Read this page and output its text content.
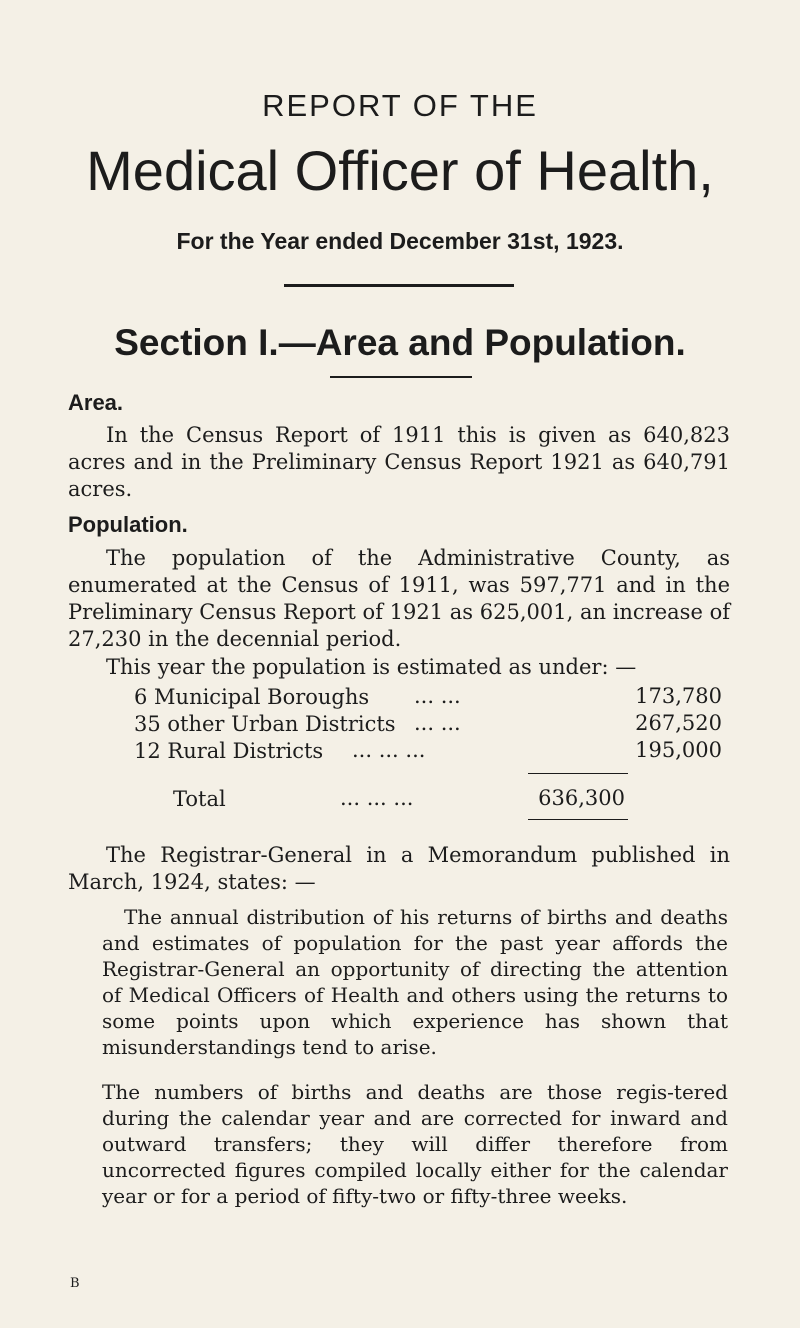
REPORT OF THE
Medical Officer of Health,
For the Year ended December 31st, 1923.
Section I.—Area and Population.
Area.
In the Census Report of 1911 this is given as 640,823 acres and in the Preliminary Census Report 1921 as 640,791 acres.
Population.
The population of the Administrative County, as enumerated at the Census of 1911, was 597,771 and in the Preliminary Census Report of 1921 as 625,001, an increase of 27,230 in the decennial period.
This year the population is estimated as under: —
6 Municipal Boroughs ... ...	173,780
35 other Urban Districts ... ...	267,520
12 Rural Districts ... ... ...	195,000
Total	... ... ...	636,300
The Registrar-General in a Memorandum published in March, 1924, states: —
The annual distribution of his returns of births and deaths and estimates of population for the past year affords the Registrar-General an opportunity of directing the attention of Medical Officers of Health and others using the returns to some points upon which experience has shown that misunderstandings tend to arise.
The numbers of births and deaths are those regis-tered during the calendar year and are corrected for inward and outward transfers; they will differ therefore from uncorrected figures compiled locally either for the calendar year or for a period of fifty-two or fifty-three weeks.
B
